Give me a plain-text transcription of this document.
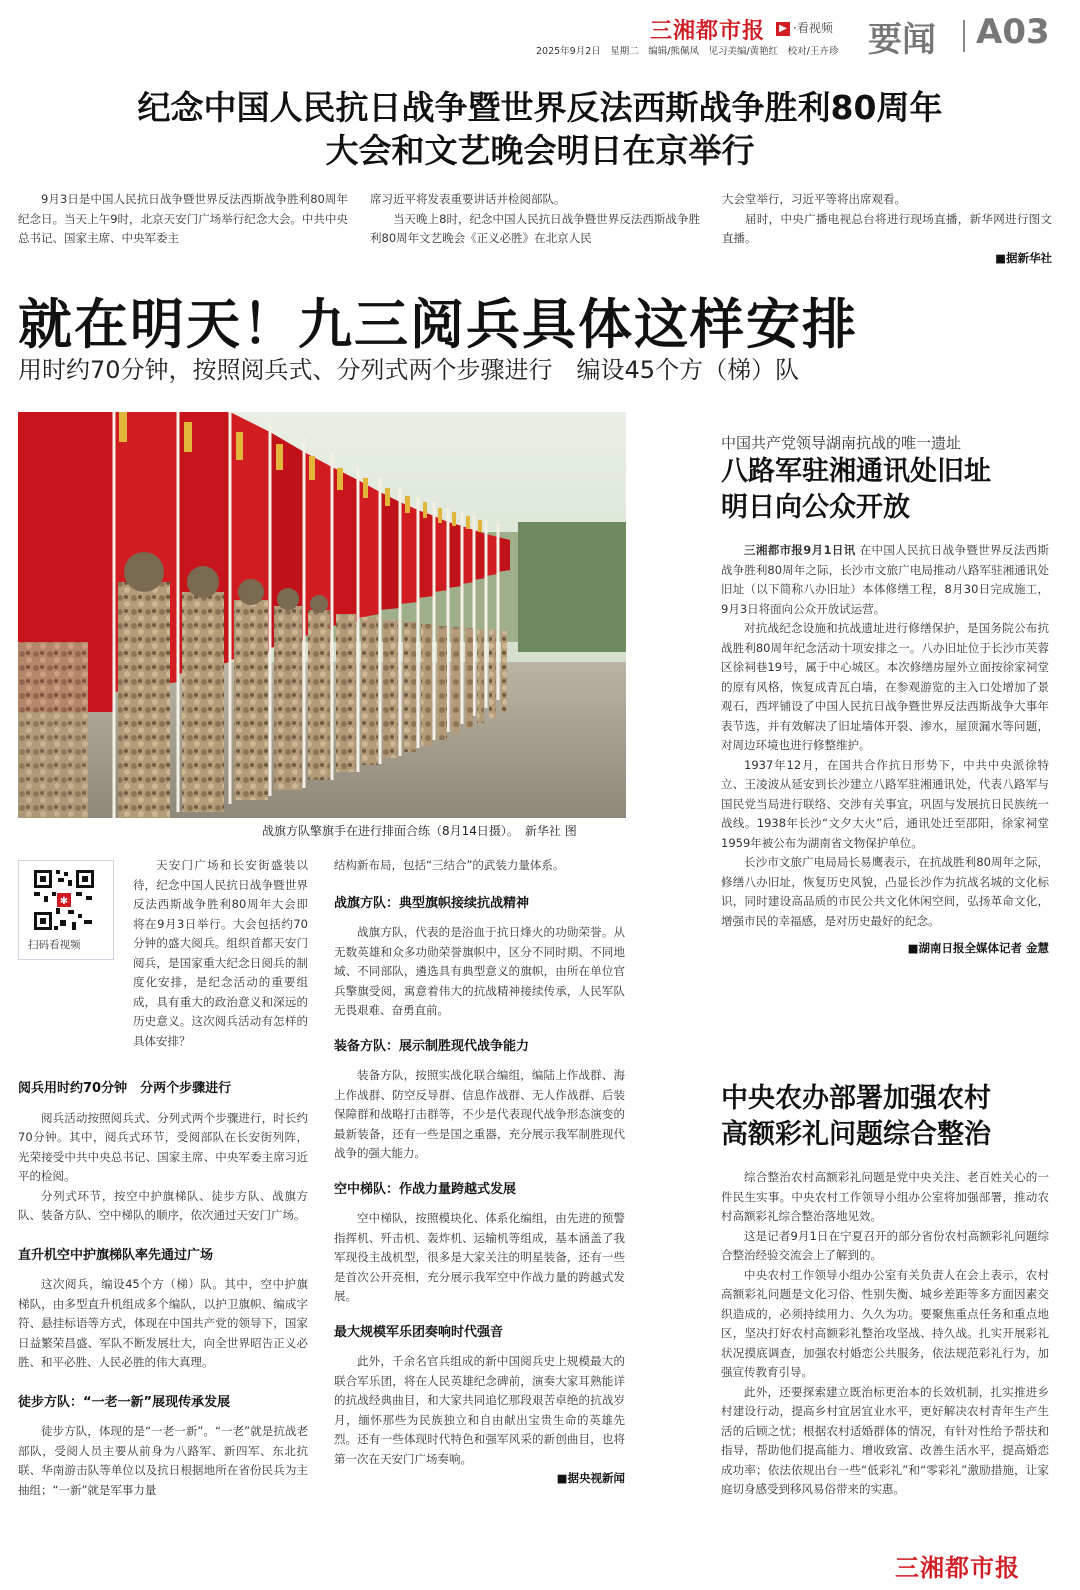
三湘都市报	▶ ·看视频
2025年9月2日　星期二　编辑/熊佩凤　见习美编/黄艳红　校对/王卉珍 要闻 A03
纪念中国人民抗日战争暨世界反法西斯战争胜利80周年
大会和文艺晚会明日在京举行

9月3日是中国人民抗日战争暨世界反法西斯战争胜利80周年纪念日。当天上午9时，北京天安门广场举行纪念大会。中共中央总书记、国家主席、中央军委主

席习近平将发表重要讲话并检阅部队。

当天晚上8时，纪念中国人民抗日战争暨世界反法西斯战争胜利80周年文艺晚会《正义必胜》在北京人民

大会堂举行，习近平等将出席观看。

届时，中央广播电视总台将进行现场直播，新华网进行图文直播。

■据新华社
就在明天！九三阅兵具体这样安排
用时约70分钟，按照阅兵式、分列式两个步骤进行　编设45个方（梯）队
战旗方队擎旗手在进行排面合练（8月14日摄）。　新华社 图
✱
扫码看视频

天安门广场和长安街盛装以待，纪念中国人民抗日战争暨世界反法西斯战争胜利80周年大会即将在9月3日举行。大会包括约70分钟的盛大阅兵。组织首都天安门阅兵，是国家重大纪念日阅兵的制度化安排，是纪念活动的重要组成，具有重大的政治意义和深远的历史意义。这次阅兵活动有怎样的具体安排？

阅兵用时约70分钟　分两个步骤进行

阅兵活动按照阅兵式、分列式两个步骤进行，时长约70分钟。其中，阅兵式环节，受阅部队在长安街列阵，光荣接受中共中央总书记、国家主席、中央军委主席习近平的检阅。

分列式环节，按空中护旗梯队、徒步方队、战旗方队、装备方队、空中梯队的顺序，依次通过天安门广场。

直升机空中护旗梯队率先通过广场

这次阅兵，编设45个方（梯）队。其中，空中护旗梯队，由多型直升机组成多个编队，以护卫旗帜、编成字符、悬挂标语等方式，体现在中国共产党的领导下，国家日益繁荣昌盛、军队不断发展壮大，向全世界昭告正义必胜、和平必胜、人民必胜的伟大真理。

徒步方队：“一老一新”展现传承发展

徒步方队，体现的是“一老一新”。“一老”就是抗战老部队，受阅人员主要从前身为八路军、新四军、东北抗联、华南游击队等单位以及抗日根据地所在省份民兵为主抽组；“一新”就是军事力量

结构新布局，包括“三结合”的武装力量体系。

战旗方队：典型旗帜接续抗战精神

战旗方队，代表的是浴血于抗日烽火的功勋荣誉。从无数英雄和众多功勋荣誉旗帜中，区分不同时期、不同地域、不同部队，遴选具有典型意义的旗帜，由所在单位官兵擎旗受阅，寓意着伟大的抗战精神接续传承，人民军队无畏艰难、奋勇直前。

装备方队：展示制胜现代战争能力

装备方队，按照实战化联合编组，编陆上作战群、海上作战群、防空反导群、信息作战群、无人作战群、后装保障群和战略打击群等，不少是代表现代战争形态演变的最新装备，还有一些是国之重器，充分展示我军制胜现代战争的强大能力。

空中梯队：作战力量跨越式发展

空中梯队，按照模块化、体系化编组，由先进的预警指挥机、歼击机、轰炸机、运输机等组成，基本涵盖了我军现役主战机型，很多是大家关注的明星装备，还有一些是首次公开亮相，充分展示我军空中作战力量的跨越式发展。

最大规模军乐团奏响时代强音

此外，千余名官兵组成的新中国阅兵史上规模最大的联合军乐团，将在人民英雄纪念碑前，演奏大家耳熟能详的抗战经典曲目，和大家共同追忆那段艰苦卓绝的抗战岁月，缅怀那些为民族独立和自由献出宝贵生命的英雄先烈。还有一些体现时代特色和强军风采的新创曲目，也将第一次在天安门广场奏响。

■据央视新闻
中国共产党领导湖南抗战的唯一遗址
八路军驻湘通讯处旧址
明日向公众开放

三湘都市报9月1日讯 在中国人民抗日战争暨世界反法西斯战争胜利80周年之际，长沙市文旅广电局推动八路军驻湘通讯处旧址（以下简称八办旧址）本体修缮工程，8月30日完成施工，9月3日将面向公众开放试运营。

对抗战纪念设施和抗战遗址进行修缮保护，是国务院公布抗战胜利80周年纪念活动十项安排之一。八办旧址位于长沙市芙蓉区徐祠巷19号，属于中心城区。本次修缮房屋外立面按徐家祠堂的原有风格，恢复成青瓦白墙，在参观游览的主入口处增加了景观石，西坪铺设了中国人民抗日战争暨世界反法西斯战争大事年表节选，并有效解决了旧址墙体开裂、渗水，屋顶漏水等问题，对周边环境也进行修整维护。

1937年12月，在国共合作抗日形势下，中共中央派徐特立、王凌波从延安到长沙建立八路军驻湘通讯处，代表八路军与国民党当局进行联络、交涉有关事宜，巩固与发展抗日民族统一战线。1938年长沙“文夕大火”后，通讯处迁至邵阳，徐家祠堂1959年被公布为湖南省文物保护单位。

长沙市文旅广电局局长易鹰表示，在抗战胜利80周年之际，修缮八办旧址，恢复历史风貌，凸显长沙作为抗战名城的文化标识，同时建设高品质的市民公共文化休闲空间，弘扬革命文化，增强市民的幸福感，是对历史最好的纪念。

■湖南日报全媒体记者 金慧
中央农办部署加强农村
高额彩礼问题综合整治

综合整治农村高额彩礼问题是党中央关注、老百姓关心的一件民生实事。中央农村工作领导小组办公室将加强部署，推动农村高额彩礼综合整治落地见效。

这是记者9月1日在宁夏召开的部分省份农村高额彩礼问题综合整治经验交流会上了解到的。

中央农村工作领导小组办公室有关负责人在会上表示，农村高额彩礼问题是文化习俗、性别失衡、城乡差距等多方面因素交织造成的，必须持续用力、久久为功。要聚焦重点任务和重点地区，坚决打好农村高额彩礼整治攻坚战、持久战。扎实开展彩礼状况摸底调查，加强农村婚恋公共服务，依法规范彩礼行为，加强宣传教育引导。

此外，还要探索建立既治标更治本的长效机制，扎实推进乡村建设行动，提高乡村宜居宜业水平，更好解决农村青年生产生活的后顾之忧；根据农村适婚群体的情况，有针对性给予帮扶和指导，帮助他们提高能力、增收致富、改善生活水平，提高婚恋成功率；依法依规出台一些“低彩礼”和“零彩礼”激励措施，让家庭切身感受到移风易俗带来的实惠。

三湘都市报
